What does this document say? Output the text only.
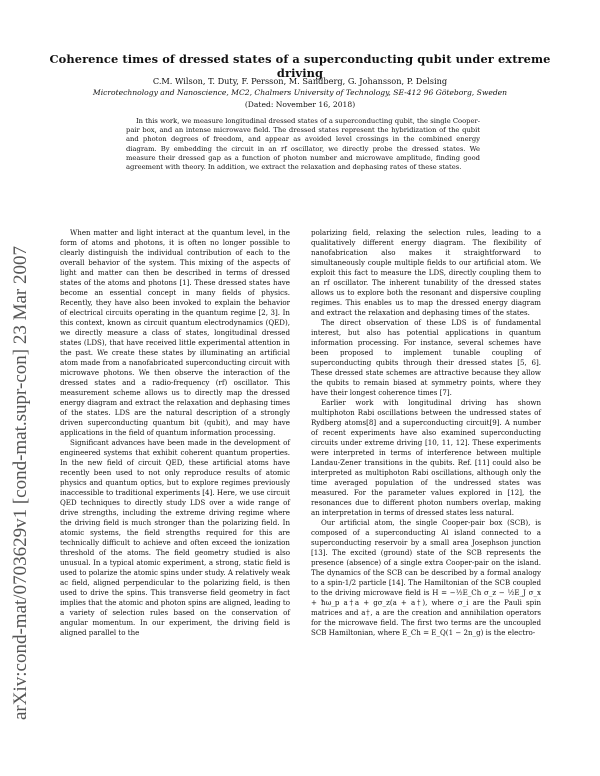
arXiv:cond-mat/0703629v1 [cond-mat.supr-con] 23 Mar 2007
Coherence times of dressed states of a superconducting qubit under extreme driving
C.M. Wilson, T. Duty, F. Persson, M. Sandberg, G. Johansson, P. Delsing
Microtechnology and Nanoscience, MC2, Chalmers University of Technology, SE-412 96 Göteborg, Sweden
(Dated: November 16, 2018)
In this work, we measure longitudinal dressed states of a superconducting qubit, the single Cooper-pair box, and an intense microwave field. The dressed states represent the hybridization of the qubit and photon degrees of freedom, and appear as avoided level crossings in the combined energy diagram. By embedding the circuit in an rf oscillator, we directly probe the dressed states. We measure their dressed gap as a function of photon number and microwave amplitude, finding good agreement with theory. In addition, we extract the relaxation and dephasing rates of these states.

When matter and light interact at the quantum level, in the form of atoms and photons, it is often no longer possible to clearly distinguish the individual contribution of each to the overall behavior of the system. This mixing of the aspects of light and matter can then be described in terms of dressed states of the atoms and photons [1]. These dressed states have become an essential concept in many fields of physics. Recently, they have also been invoked to explain the behavior of electrical circuits operating in the quantum regime [2, 3]. In this context, known as circuit quantum electrodynamics (QED), we directly measure a class of states, longitudinal dressed states (LDS), that have received little experimental attention in the past. We create these states by illuminating an artificial atom made from a nanofabricated superconducting circuit with microwave photons. We then observe the interaction of the dressed states and a radio-frequency (rf) oscillator. This measurement scheme allows us to directly map the dressed energy diagram and extract the relaxation and dephasing times of the states. LDS are the natural description of a strongly driven superconducting quantum bit (qubit), and may have applications in the field of quantum information processing.

Significant advances have been made in the development of engineered systems that exhibit coherent quantum properties. In the new field of circuit QED, these artificial atoms have recently been used to not only reproduce results of atomic physics and quantum optics, but to explore regimes previously inaccessible to traditional experiments [4]. Here, we use circuit QED techniques to directly study LDS over a wide range of drive strengths, including the extreme driving regime where the driving field is much stronger than the polarizing field. In atomic systems, the field strengths required for this are technically difficult to achieve and often exceed the ionization threshold of the atoms. The field geometry studied is also unusual. In a typical atomic experiment, a strong, static field is used to polarize the atomic spins under study. A relatively weak ac field, aligned perpendicular to the polarizing field, is then used to drive the spins. This transverse field geometry in fact implies that the atomic and photon spins are aligned, leading to a variety of selection rules based on the conservation of angular momentum. In our experiment, the driving field is aligned parallel to the

polarizing field, relaxing the selection rules, leading to a qualitatively different energy diagram. The flexibility of nanofabrication also makes it straightforward to simultaneously couple multiple fields to our artificial atom. We exploit this fact to measure the LDS, directly coupling them to an rf oscillator. The inherent tunability of the dressed states allows us to explore both the resonant and dispersive coupling regimes. This enables us to map the dressed energy diagram and extract the relaxation and dephasing times of the states.

The direct observation of these LDS is of fundamental interest, but also has potential applications in quantum information processing. For instance, several schemes have been proposed to implement tunable coupling of superconducting qubits through their dressed states [5, 6]. These dressed state schemes are attractive because they allow the qubits to remain biased at symmetry points, where they have their longest coherence times [7].

Earlier work with longitudinal driving has shown multiphoton Rabi oscillations between the undressed states of Rydberg atoms[8] and a superconducting circuit[9]. A number of recent experiments have also examined superconducting circuits under extreme driving [10, 11, 12]. These experiments were interpreted in terms of interference between multiple Landau-Zener transitions in the qubits. Ref. [11] could also be interpreted as multiphoton Rabi oscillations, although only the time averaged population of the undressed states was measured. For the parameter values explored in [12], the resonances due to different photon numbers overlap, making an interpretation in terms of dressed states less natural.

Our artificial atom, the single Cooper-pair box (SCB), is composed of a superconducting Al island connected to a superconducting reservoir by a small area Josephson junction [13]. The excited (ground) state of the SCB represents the presence (absence) of a single extra Cooper-pair on the island. The dynamics of the SCB can be described by a formal analogy to a spin-1/2 particle [14]. The Hamiltonian of the SCB coupled to the driving microwave field is H = −½E_Ch σ_z − ½E_J σ_x + ħω_p a†a + gσ_z(a + a†), where σ_i are the Pauli spin matrices and a†, a are the creation and annihilation operators for the microwave field. The first two terms are the uncoupled SCB Hamiltonian, where E_Ch = E_Q(1 − 2n_g) is the electro-
